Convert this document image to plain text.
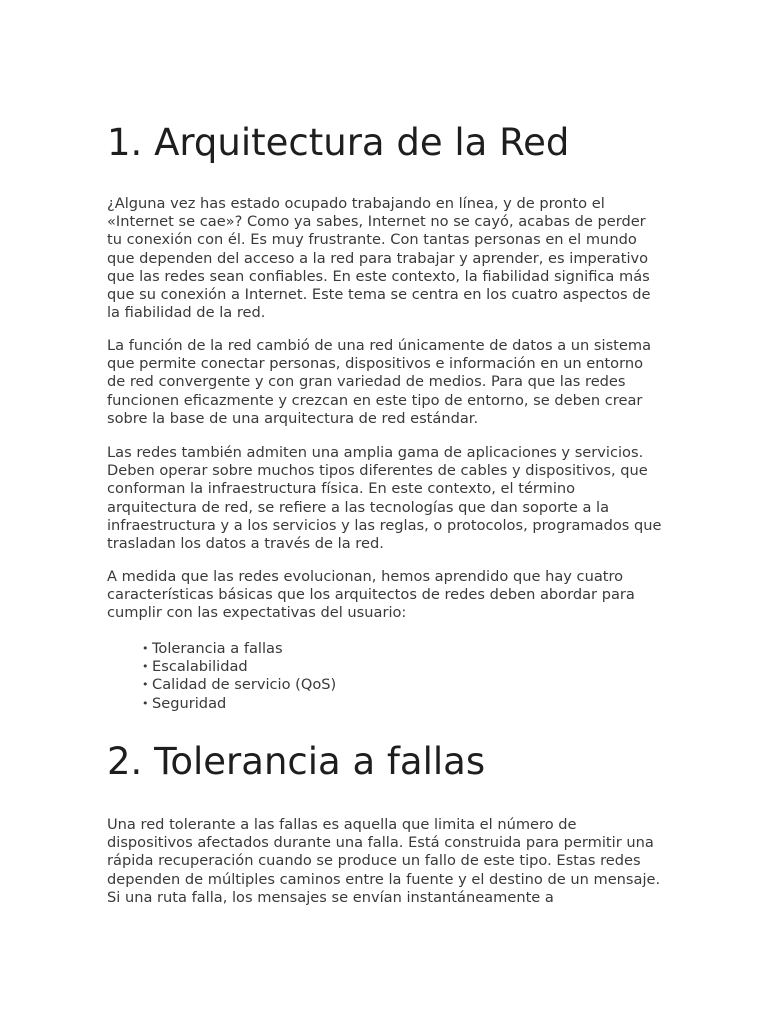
1. Arquitectura de la Red

¿Alguna vez has estado ocupado trabajando en línea, y de pronto el «Internet se cae»? Como ya sabes, Internet no se cayó, acabas de perder tu conexión con él. Es muy frustrante. Con tantas personas en el mundo que dependen del acceso a la red para trabajar y aprender, es imperativo que las redes sean confiables. En este contexto, la fiabilidad significa más que su conexión a Internet. Este tema se centra en los cuatro aspectos de la fiabilidad de la red.

La función de la red cambió de una red únicamente de datos a un sistema que permite conectar personas, dispositivos e información en un entorno de red convergente y con gran variedad de medios. Para que las redes funcionen eficazmente y crezcan en este tipo de entorno, se deben crear sobre la base de una arquitectura de red estándar.

Las redes también admiten una amplia gama de aplicaciones y servicios. Deben operar sobre muchos tipos diferentes de cables y dispositivos, que conforman la infraestructura física. En este contexto, el término arquitectura de red, se refiere a las tecnologías que dan soporte a la infraestructura y a los servicios y las reglas, o protocolos, programados que trasladan los datos a través de la red.

A medida que las redes evolucionan, hemos aprendido que hay cuatro características básicas que los arquitectos de redes deben abordar para cumplir con las expectativas del usuario:

• Tolerancia a fallas
• Escalabilidad
• Calidad de servicio (QoS)
• Seguridad
2. Tolerancia a fallas

Una red tolerante a las fallas es aquella que limita el número de dispositivos afectados durante una falla. Está construida para permitir una rápida recuperación cuando se produce un fallo de este tipo. Estas redes dependen de múltiples caminos entre la fuente y el destino de un mensaje. Si una ruta falla, los mensajes se envían instantáneamente a
